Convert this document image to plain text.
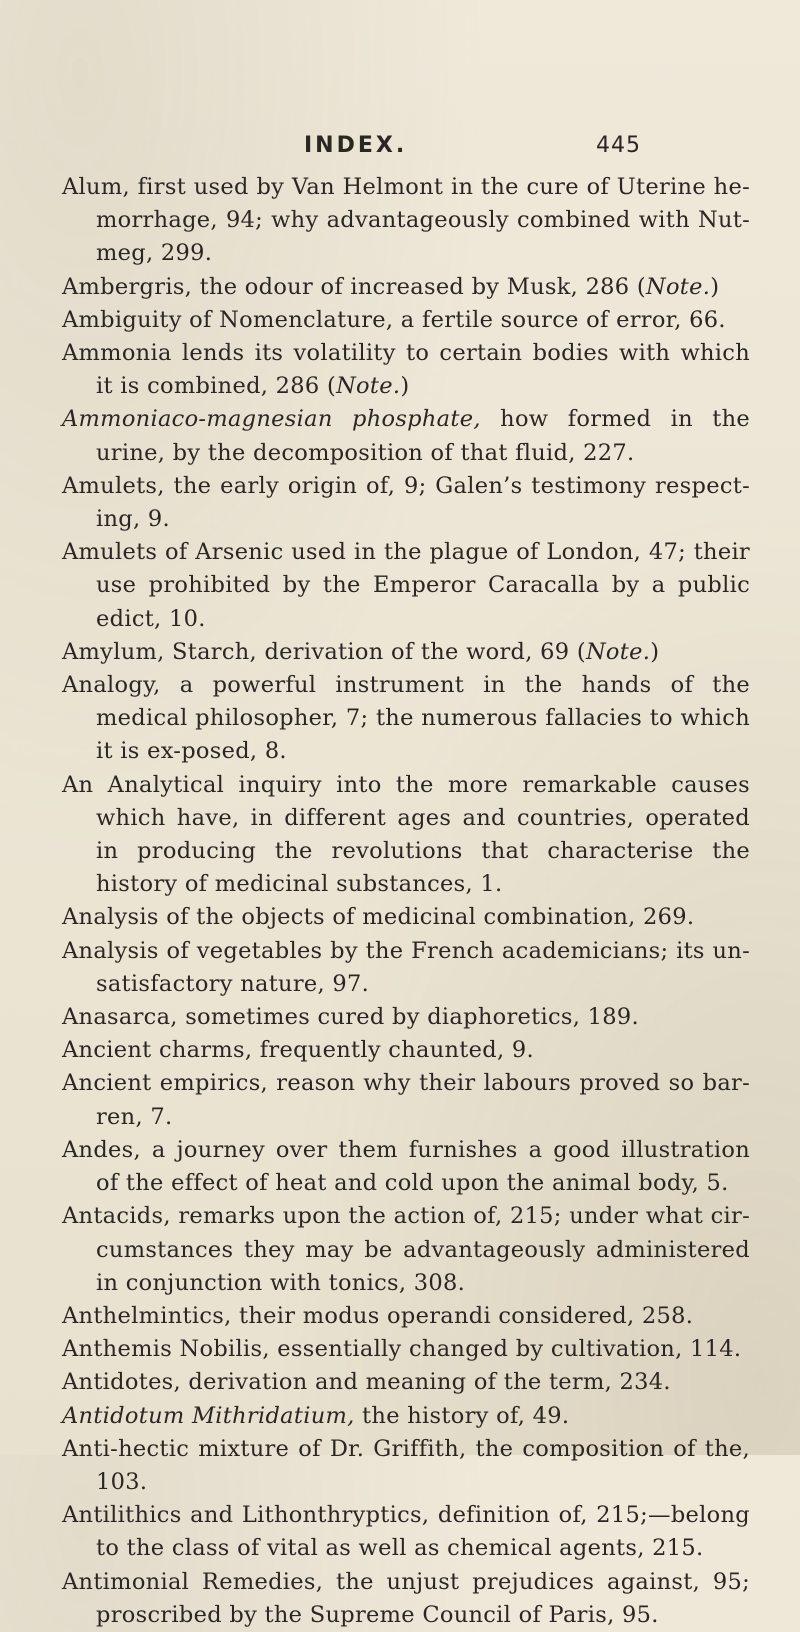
INDEX.	445
Alum, first used by Van Helmont in the cure of Uterine he-morrhage, 94; why advantageously combined with Nut-meg, 299.
Ambergris, the odour of increased by Musk, 286 (Note.)
Ambiguity of Nomenclature, a fertile source of error, 66.
Ammonia lends its volatility to certain bodies with which it is combined, 286 (Note.)
Ammoniaco-magnesian phosphate, how formed in the urine, by the decomposition of that fluid, 227.
Amulets, the early origin of, 9; Galen’s testimony respect-ing, 9.
Amulets of Arsenic used in the plague of London, 47; their use prohibited by the Emperor Caracalla by a public edict, 10.
Amylum, Starch, derivation of the word, 69 (Note.)
Analogy, a powerful instrument in the hands of the medical philosopher, 7; the numerous fallacies to which it is ex-posed, 8.
An Analytical inquiry into the more remarkable causes which have, in different ages and countries, operated in producing the revolutions that characterise the history of medicinal substances, 1.
Analysis of the objects of medicinal combination, 269.
Analysis of vegetables by the French academicians; its un-satisfactory nature, 97.
Anasarca, sometimes cured by diaphoretics, 189.
Ancient charms, frequently chaunted, 9.
Ancient empirics, reason why their labours proved so bar-ren, 7.
Andes, a journey over them furnishes a good illustration of the effect of heat and cold upon the animal body, 5.
Antacids, remarks upon the action of, 215; under what cir-cumstances they may be advantageously administered in conjunction with tonics, 308.
Anthelmintics, their modus operandi considered, 258.
Anthemis Nobilis, essentially changed by cultivation, 114.
Antidotes, derivation and meaning of the term, 234.
Antidotum Mithridatium, the history of, 49.
Anti-hectic mixture of Dr. Griffith, the composition of the, 103.
Antilithics and Lithonthryptics, definition of, 215;—belong to the class of vital as well as chemical agents, 215.
Antimonial Remedies, the unjust prejudices against, 95; proscribed by the Supreme Council of Paris, 95.
